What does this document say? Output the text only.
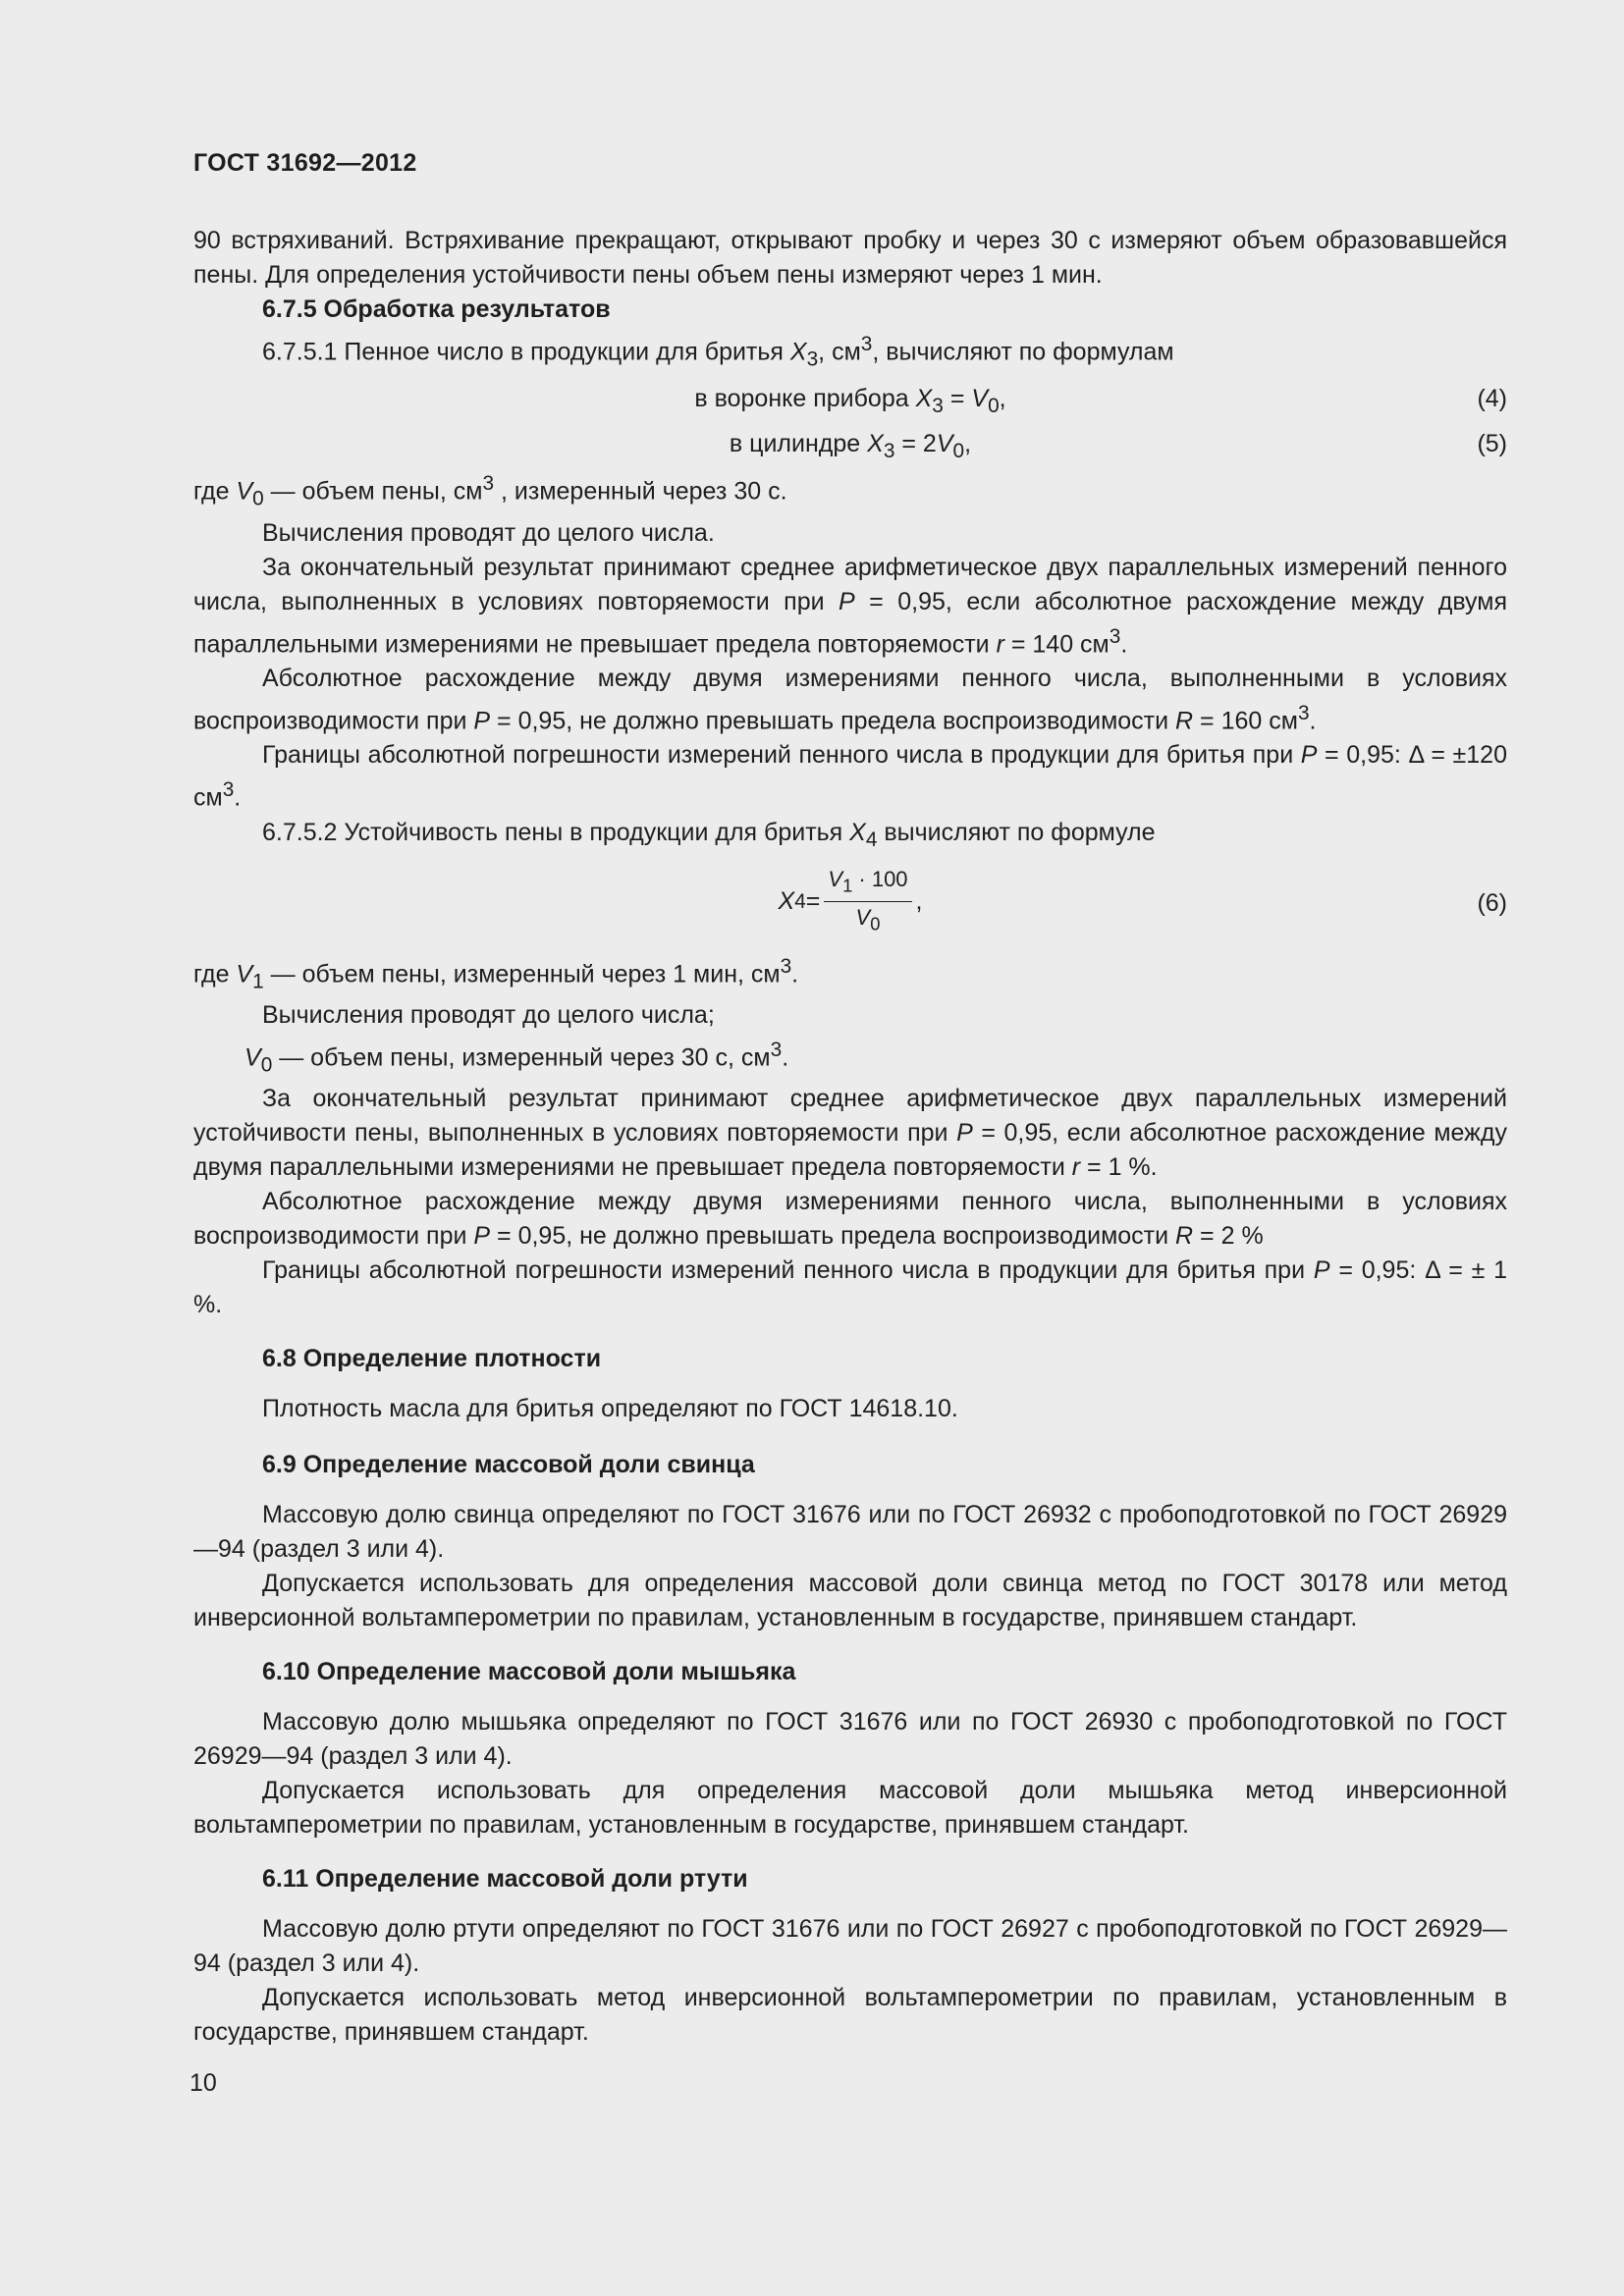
ГОСТ 31692—2012

90 встряхиваний. Встряхивание прекращают, открывают пробку и через 30 с измеряют объем образовавшейся пены. Для определения устойчивости пены объем пены измеряют через 1 мин.

6.7.5 Обработка результатов

6.7.5.1 Пенное число в продукции для бритья $X_3$, $см^3$, вычисляют по формулам

в воронке прибора $X_3 = V_0$,	(4)
в цилиндре $X_3 = 2V_0$,	(5)

где $V_0$ — объем пены, $см^3$ , измеренный через 30 с.

Вычисления проводят до целого числа.

За окончательный результат принимают среднее арифметическое двух параллельных измерений пенного числа, выполненных в условиях повторяемости при P = 0,95, если абсолютное расхождение между двумя параллельными измерениями не превышает предела повторяемости r = 140 $см^3$.

Абсолютное расхождение между двумя измерениями пенного числа, выполненными в условиях воспроизводимости при P = 0,95, не должно превышать предела воспроизводимости R = 160 $см^3$.

Границы абсолютной погрешности измерений пенного числа в продукции для бритья при P = 0,95: Δ = ±120 $см^3$.

6.7.5.2 Устойчивость пены в продукции для бритья $X_4$ вычисляют по формуле

X $4 = \frac{V_1 \cdot 100}{V_0}$ ,	(6)

где $V_1$ — объем пены, измеренный через 1 мин, $см^3$.

Вычисления проводят до целого числа;

$V_0$ — объем пены, измеренный через 30 с, $см^3$.

За окончательный результат принимают среднее арифметическое двух параллельных измерений устойчивости пены, выполненных в условиях повторяемости при P = 0,95, если абсолютное расхождение между двумя параллельными измерениями не превышает предела повторяемости r = 1 %.

Абсолютное расхождение между двумя измерениями пенного числа, выполненными в условиях воспроизводимости при P = 0,95, не должно превышать предела воспроизводимости R = 2 %

Границы абсолютной погрешности измерений пенного числа в продукции для бритья при P = 0,95: Δ = ± 1 %.

6.8 Определение плотности

Плотность масла для бритья определяют по ГОСТ 14618.10.

6.9 Определение массовой доли свинца

Массовую долю свинца определяют по ГОСТ 31676 или по ГОСТ 26932 с пробоподготовкой по ГОСТ 26929—94 (раздел 3 или 4).

Допускается использовать для определения массовой доли свинца метод по ГОСТ 30178 или метод инверсионной вольтамперометрии по правилам, установленным в государстве, принявшем стандарт.

6.10 Определение массовой доли мышьяка

Массовую долю мышьяка определяют по ГОСТ 31676 или по ГОСТ 26930 с пробоподготовкой по ГОСТ 26929—94 (раздел 3 или 4).

Допускается использовать для определения массовой доли мышьяка метод инверсионной вольтамперометрии по правилам, установленным в государстве, принявшем стандарт.

6.11 Определение массовой доли ртути

Массовую долю ртути определяют по ГОСТ 31676 или по ГОСТ 26927 с пробоподготовкой по ГОСТ 26929—94 (раздел 3 или 4).

Допускается использовать метод инверсионной вольтамперометрии по правилам, установленным в государстве, принявшем стандарт.

10
